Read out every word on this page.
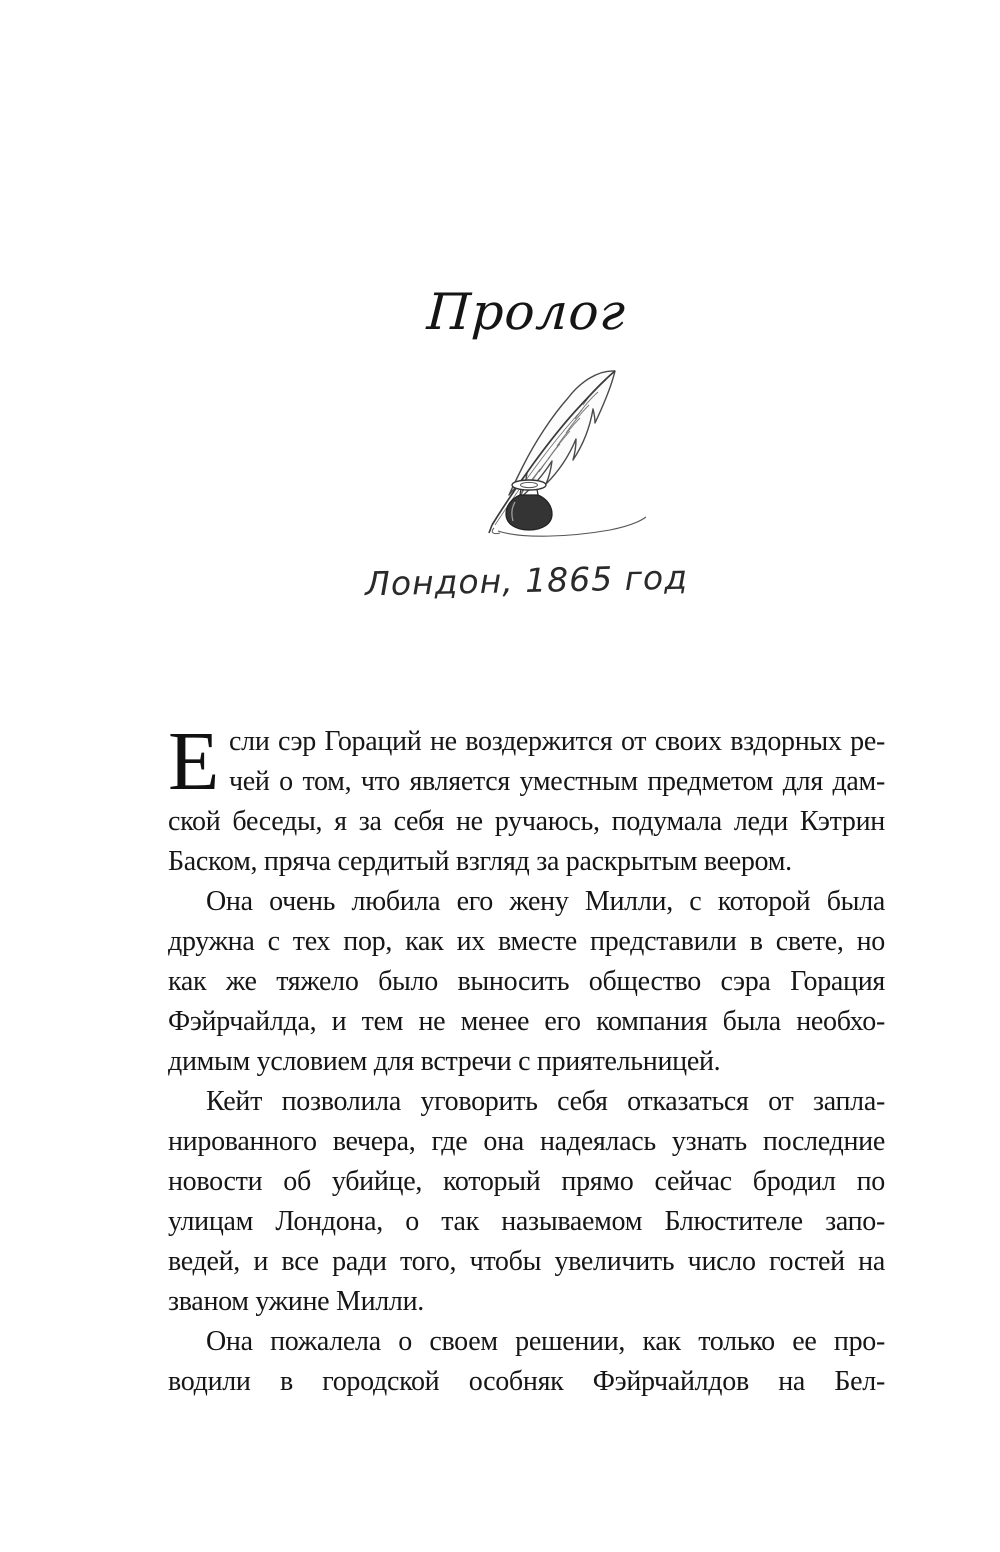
Пролог
Лондон, 1865 год
Е сли сэр Гораций не воздержится от своих вздорных ре-
чей о том, что является уместным предметом для дам-
ской беседы, я за себя не ручаюсь, подумала леди Кэтрин
Баском, пряча сердитый взгляд за раскрытым веером.
Она очень любила его жену Милли, с которой была
дружна с тех пор, как их вместе представили в свете, но
как же тяжело было выносить общество сэра Горация
Фэйрчайлда, и тем не менее его компания была необхо-
димым условием для встречи с приятельницей.
Кейт позволила уговорить себя отказаться от запла-
нированного вечера, где она надеялась узнать последние
новости об убийце, который прямо сейчас бродил по
улицам Лондона, о так называемом Блюстителе запо-
ведей, и все ради того, чтобы увеличить число гостей на
званом ужине Милли.
Она пожалела о своем решении, как только ее про-
водили в городской особняк Фэйрчайлдов на Бел-
